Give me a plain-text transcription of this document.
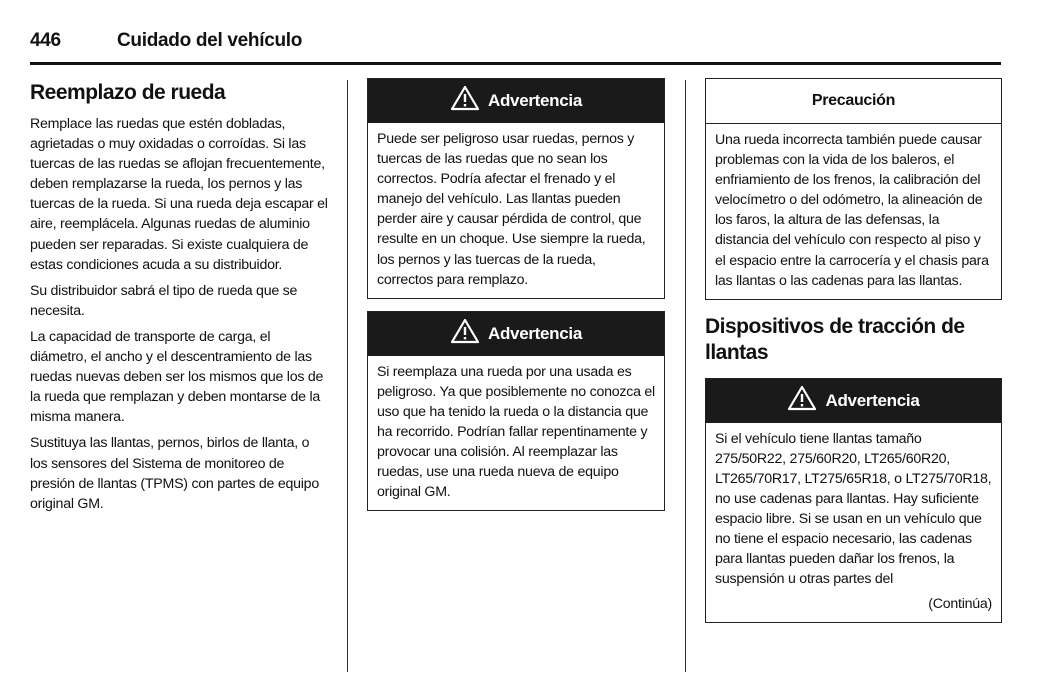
446	Cuidado del vehículo
Reemplazo de rueda

Remplace las ruedas que estén dobladas, agrietadas o muy oxidadas o corroídas. Si las tuercas de las ruedas se aflojan frecuentemente, deben remplazarse la rueda, los pernos y las tuercas de la rueda. Si una rueda deja escapar el aire, reemplácela. Algunas ruedas de aluminio pueden ser reparadas. Si existe cualquiera de estas condiciones acuda a su distribuidor.

Su distribuidor sabrá el tipo de rueda que se necesita.

La capacidad de transporte de carga, el diámetro, el ancho y el descentramiento de las ruedas nuevas deben ser los mismos que los de la rueda que remplazan y deben montarse de la misma manera.

Sustituya las llantas, pernos, birlos de llanta, o los sensores del Sistema de monitoreo de presión de llantas (TPMS) con partes de equipo original GM.

Advertencia
Puede ser peligroso usar ruedas, pernos y tuercas de las ruedas que no sean los correctos. Podría afectar el frenado y el manejo del vehículo. Las llantas pueden perder aire y causar pérdida de control, que resulte en un choque. Use siempre la rueda, los pernos y las tuercas de la rueda, correctos para remplazo.
Advertencia
Si reemplaza una rueda por una usada es peligroso. Ya que posiblemente no conozca el uso que ha tenido la rueda o la distancia que ha recorrido. Podrían fallar repentinamente y provocar una colisión. Al reemplazar las ruedas, use una rueda nueva de equipo original GM.
Precaución
Una rueda incorrecta también puede causar problemas con la vida de los baleros, el enfriamiento de los frenos, la calibración del velocímetro o del odómetro, la alineación de los faros, la altura de las defensas, la distancia del vehículo con respecto al piso y el espacio entre la carrocería y el chasis para las llantas o las cadenas para las llantas.
Dispositivos de tracción de llantas
Advertencia
Si el vehículo tiene llantas tamaño 275/50R22, 275/60R20, LT265/60R20, LT265/70R17, LT275/65R18, o LT275/70R18, no use cadenas para llantas. Hay suficiente espacio libre. Si se usan en un vehículo que no tiene el espacio necesario, las cadenas para llantas pueden dañar los frenos, la suspensión u otras partes del
(Continúa)
